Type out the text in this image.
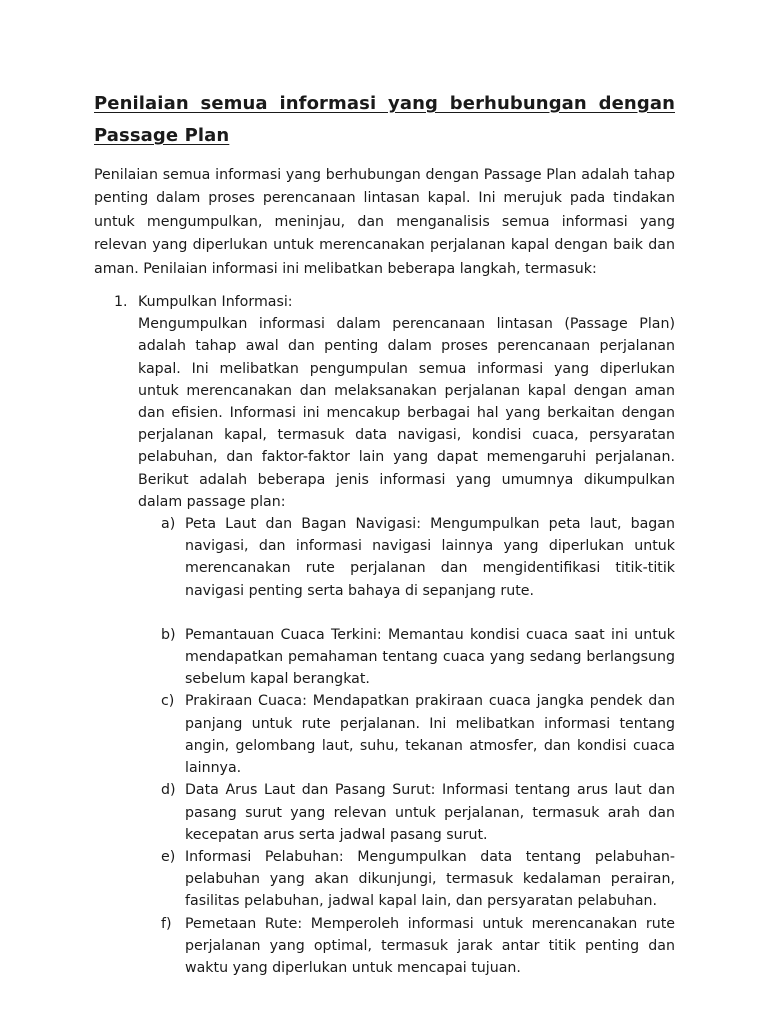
Penilaian semua informasi yang berhubungan dengan Passage Plan

Penilaian semua informasi yang berhubungan dengan Passage Plan adalah tahap penting dalam proses perencanaan lintasan kapal. Ini merujuk pada tindakan untuk mengumpulkan, meninjau, dan menganalisis semua informasi yang relevan yang diperlukan untuk merencanakan perjalanan kapal dengan baik dan aman. Penilaian informasi ini melibatkan beberapa langkah, termasuk:

1. Kumpulkan Informasi:

Mengumpulkan informasi dalam perencanaan lintasan (Passage Plan) adalah tahap awal dan penting dalam proses perencanaan perjalanan kapal. Ini melibatkan pengumpulan semua informasi yang diperlukan untuk merencanakan dan melaksanakan perjalanan kapal dengan aman dan efisien. Informasi ini mencakup berbagai hal yang berkaitan dengan perjalanan kapal, termasuk data navigasi, kondisi cuaca, persyaratan pelabuhan, dan faktor-faktor lain yang dapat memengaruhi perjalanan. Berikut adalah beberapa jenis informasi yang umumnya dikumpulkan dalam passage plan:

a) Peta Laut dan Bagan Navigasi: Mengumpulkan peta laut, bagan navigasi, dan informasi navigasi lainnya yang diperlukan untuk merencanakan rute perjalanan dan mengidentifikasi titik-titik navigasi penting serta bahaya di sepanjang rute.
b) Pemantauan Cuaca Terkini: Memantau kondisi cuaca saat ini untuk mendapatkan pemahaman tentang cuaca yang sedang berlangsung sebelum kapal berangkat.
c) Prakiraan Cuaca: Mendapatkan prakiraan cuaca jangka pendek dan panjang untuk rute perjalanan. Ini melibatkan informasi tentang angin, gelombang laut, suhu, tekanan atmosfer, dan kondisi cuaca lainnya.
d) Data Arus Laut dan Pasang Surut: Informasi tentang arus laut dan pasang surut yang relevan untuk perjalanan, termasuk arah dan kecepatan arus serta jadwal pasang surut.
e) Informasi Pelabuhan: Mengumpulkan data tentang pelabuhan-pelabuhan yang akan dikunjungi, termasuk kedalaman perairan, fasilitas pelabuhan, jadwal kapal lain, dan persyaratan pelabuhan.
f) Pemetaan Rute: Memperoleh informasi untuk merencanakan rute perjalanan yang optimal, termasuk jarak antar titik penting dan waktu yang diperlukan untuk mencapai tujuan.
